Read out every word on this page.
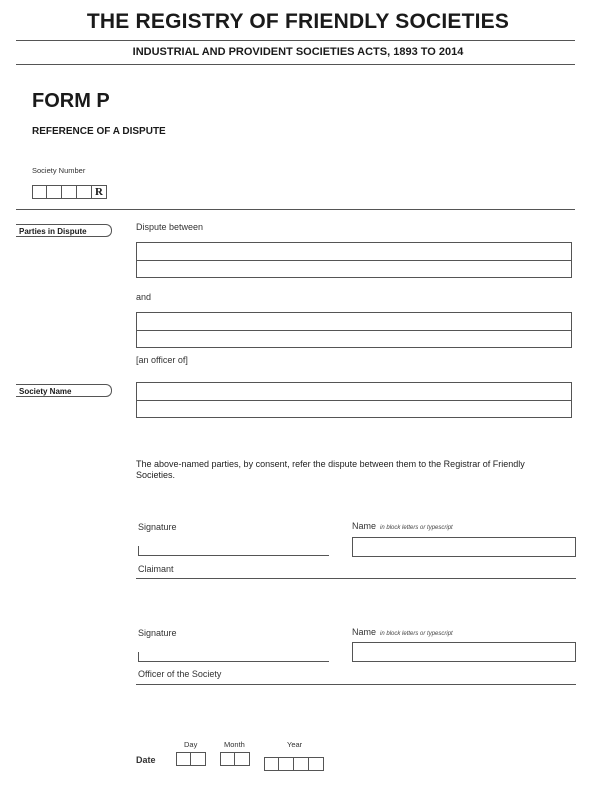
THE REGISTRY OF FRIENDLY SOCIETIES
INDUSTRIAL AND PROVIDENT SOCIETIES ACTS, 1893 TO 2014
FORM P
REFERENCE OF A DISPUTE
Society Number
R
Parties in Dispute	Dispute between
and
[an officer of]
Society Name
The above-named parties, by consent, refer the dispute between them to the Registrar of Friendly Societies.
Signature	Name in block letters or typescript
Claimant
Signature	Name in block letters or typescript
Officer of the Society
Day	Month	Year
Date
